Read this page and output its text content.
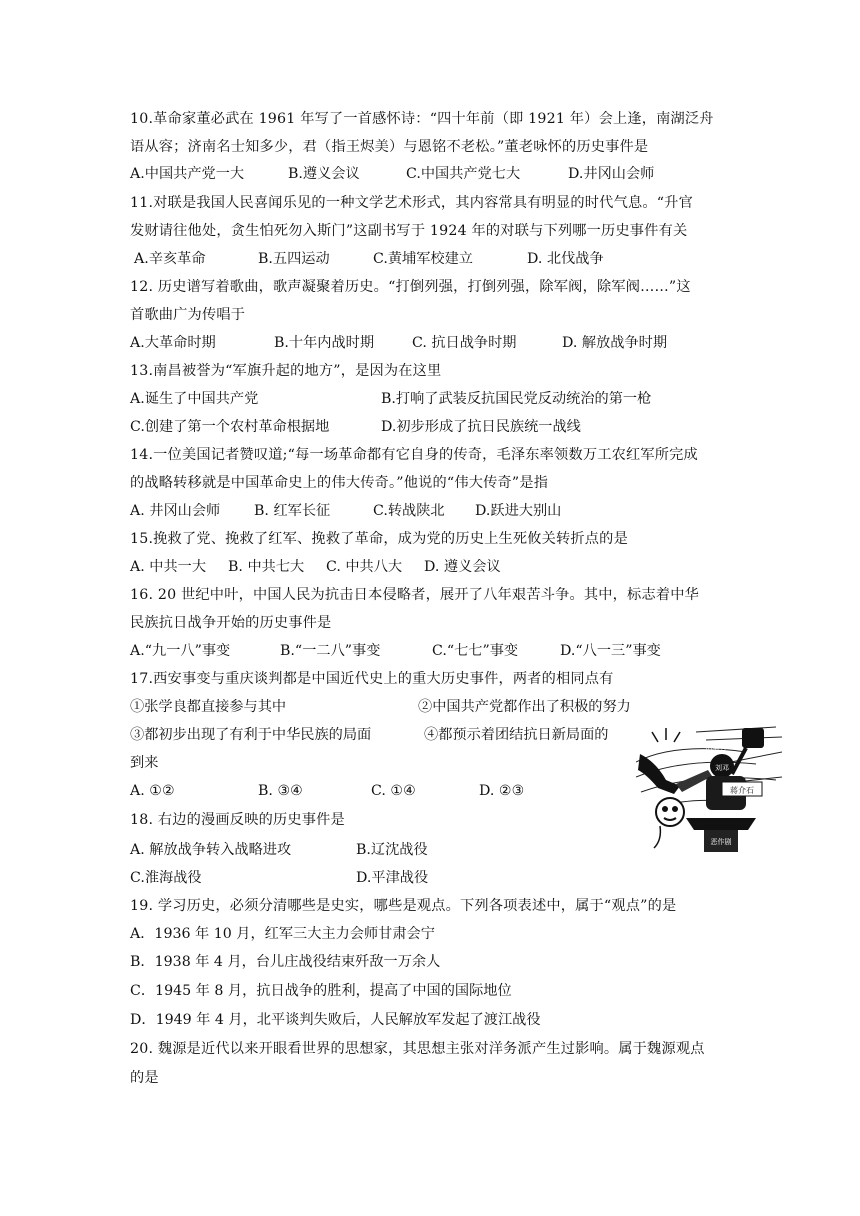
10.革命家董必武在 1961 年写了一首感怀诗：“四十年前（即 1921 年）会上逢，南湖泛舟
语从容；济南名士知多少，君（指王烬美）与恩铭不老松。”董老咏怀的历史事件是
A.中国共产党一大	B.遵义会议	C.中国共产党七大	D.井冈山会师
11.对联是我国人民喜闻乐见的一种文学艺术形式，其内容常具有明显的时代气息。“升官
发财请往他处，贪生怕死勿入斯门”这副书写于 1924 年的对联与下列哪一历史事件有关
A.辛亥革命	B.五四运动	C.黄埔军校建立	D. 北伐战争
12. 历史谱写着歌曲，歌声凝聚着历史。“打倒列强，打倒列强，除军阀，除军阀……”这
首歌曲广为传唱于
A.大革命时期	B.十年内战时期	C. 抗日战争时期	D. 解放战争时期
13.南昌被誉为“军旗升起的地方”，是因为在这里
A.诞生了中国共产党	B.打响了武装反抗国民党反动统治的第一枪
C.创建了第一个农村革命根据地	D.初步形成了抗日民族统一战线
14.一位美国记者赞叹道;“每一场革命都有它自身的传奇，毛泽东率领数万工农红军所完成
的战略转移就是中国革命史上的伟大传奇。”他说的“伟大传奇”是指
A. 井冈山会师 B. 红军长征	C.转战陕北 D.跃进大别山
15.挽救了党、挽救了红军、挽救了革命，成为党的历史上生死攸关转折点的是
A. 中共一大 B. 中共七大 C. 中共八大 D. 遵义会议
16. 20 世纪中叶，中国人民为抗击日本侵略者，展开了八年艰苦斗争。其中，标志着中华
民族抗日战争开始的历史事件是
A.“九一八”事变	B.“一二八”事变	C.“七七”事变	D.“八一三”事变
17.西安事变与重庆谈判都是中国近代史上的重大历史事件，两者的相同点有
①张学良都直接参与其中	②中国共产党都作出了积极的努力
③都初步出现了有利于中华民族的局面	④都预示着团结抗日新局面的
到来
A. ①②	B. ③④	C. ①④	D. ②③
旧势力
刘邓
蒋介石
恶作剧
18. 右边的漫画反映的历史事件是
A. 解放战争转入战略进攻	B.辽沈战役
C.淮海战役	D.平津战役
19. 学习历史，必须分清哪些是史实，哪些是观点。下列各项表述中，属于“观点”的是
A．1936 年 10 月，红军三大主力会师甘肃会宁
B．1938 年 4 月，台儿庄战役结束歼敌一万余人
C．1945 年 8 月，抗日战争的胜利，提高了中国的国际地位
D．1949 年 4 月，北平谈判失败后，人民解放军发起了渡江战役
20. 魏源是近代以来开眼看世界的思想家，其思想主张对洋务派产生过影响。属于魏源观点
的是
